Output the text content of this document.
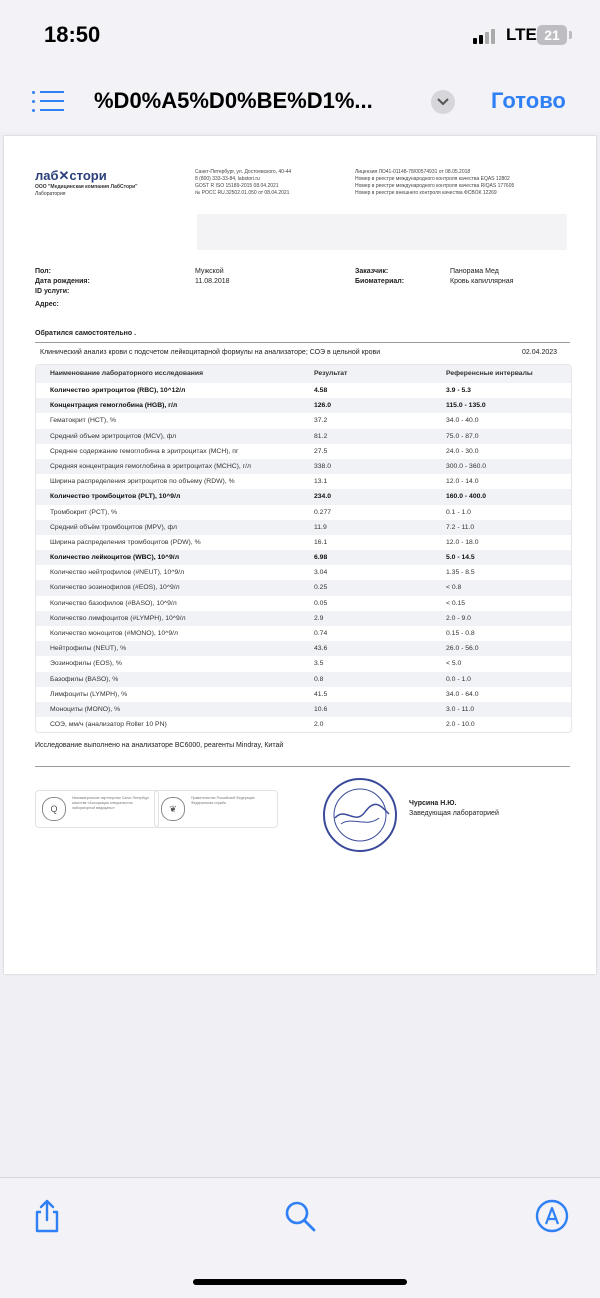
18:50	LTE 21
%D0%A5%D0%BE%D1%...	Готово
лаб✕стори
ООО "Медицинская компания ЛабСтори"
Лаборатория
Санкт-Петербург, ул. Достоевского, 40-44
8 (800) 333-33-84, labstori.ru
GOST R ISO 15189-2015 08.04.2021
№ РОСС RU.32502.01.050 от 08.04.2021
Лицензия ЛО41-01148-78/00574931 от 08.05.2018
Номер в реестре международного контроля качества EQAS 12802
Номер в реестре международного контроля качества RIQAS 177605
Номер в реестре внешнего контроля качества ФСВОК 12269
Пол:	Мужской	Заказчик:	Панорама Мед
Дата рождения:	11.08.2018	Биоматериал:	Кровь капиллярная
ID услуги:
Адрес:
Обратился самостоятельно .
Клинический анализ крови с подсчетом лейкоцитарной формулы на анализаторе; СОЭ в цельной крови	02.04.2023
Наименование лабораторного исследования	Результат	Референсные интервалы
Количество эритроцитов (RBC), 10^12/л	4.58	3.9 - 5.3
Концентрация гемоглобина (HGB), г/л	126.0	115.0 - 135.0
Гематокрит (HCT), %	37.2	34.0 - 40.0
Средний объем эритроцитов (MCV), фл	81.2	75.0 - 87.0
Среднее содержание гемоглобина в эритроцитах (MCH), пг	27.5	24.0 - 30.0
Средняя концентрация гемоглобина в эритроцитах (MCHC), г/л	338.0	300.0 - 360.0
Ширина распределения эритроцитов по объему (RDW), %	13.1	12.0 - 14.0
Количество тромбоцитов (PLT), 10^9/л	234.0	160.0 - 400.0
Тромбокрит (PCT), %	0.277	0.1 - 1.0
Средний объём тромбоцитов (MPV), фл	11.9	7.2 - 11.0
Ширина распределения тромбоцитов (PDW), %	16.1	12.0 - 18.0
Количество лейкоцитов (WBC), 10^9/л	6.98	5.0 - 14.5
Количество нейтрофилов (#NEUT), 10^9/л	3.04	1.35 - 8.5
Количество эозинофилов (#EOS), 10^9/л	0.25	< 0.8
Количество базофилов (#BASO), 10^9/л	0.05	< 0.15
Количество лимфоцитов (#LYMPH), 10^9/л	2.9	2.0 - 9.0
Количество моноцитов (#MONO), 10^9/л	0.74	0.15 - 0.8
Нейтрофилы (NEUT), %	43.6	26.0 - 56.0
Эозинофилы (EOS), %	3.5	< 5.0
Базофилы (BASO), %	0.8	0.0 - 1.0
Лимфоциты (LYMPH), %	41.5	34.0 - 64.0
Моноциты (MONO), %	10.6	3.0 - 11.0
СОЭ, мм/ч (анализатор Roller 10 PN)	2.0	2.0 - 10.0
Исследование выполнено на анализаторе BC6000, реагенты Mindray, Китай
Q
Некоммерческое партнерство Санкт-Петербург качества «Ассоциация специалистов лабораторной медицины»	❦
Правительство Российской Федерации Федеральная служба	Чурсина Н.Ю.
Заведующая лабораторией
